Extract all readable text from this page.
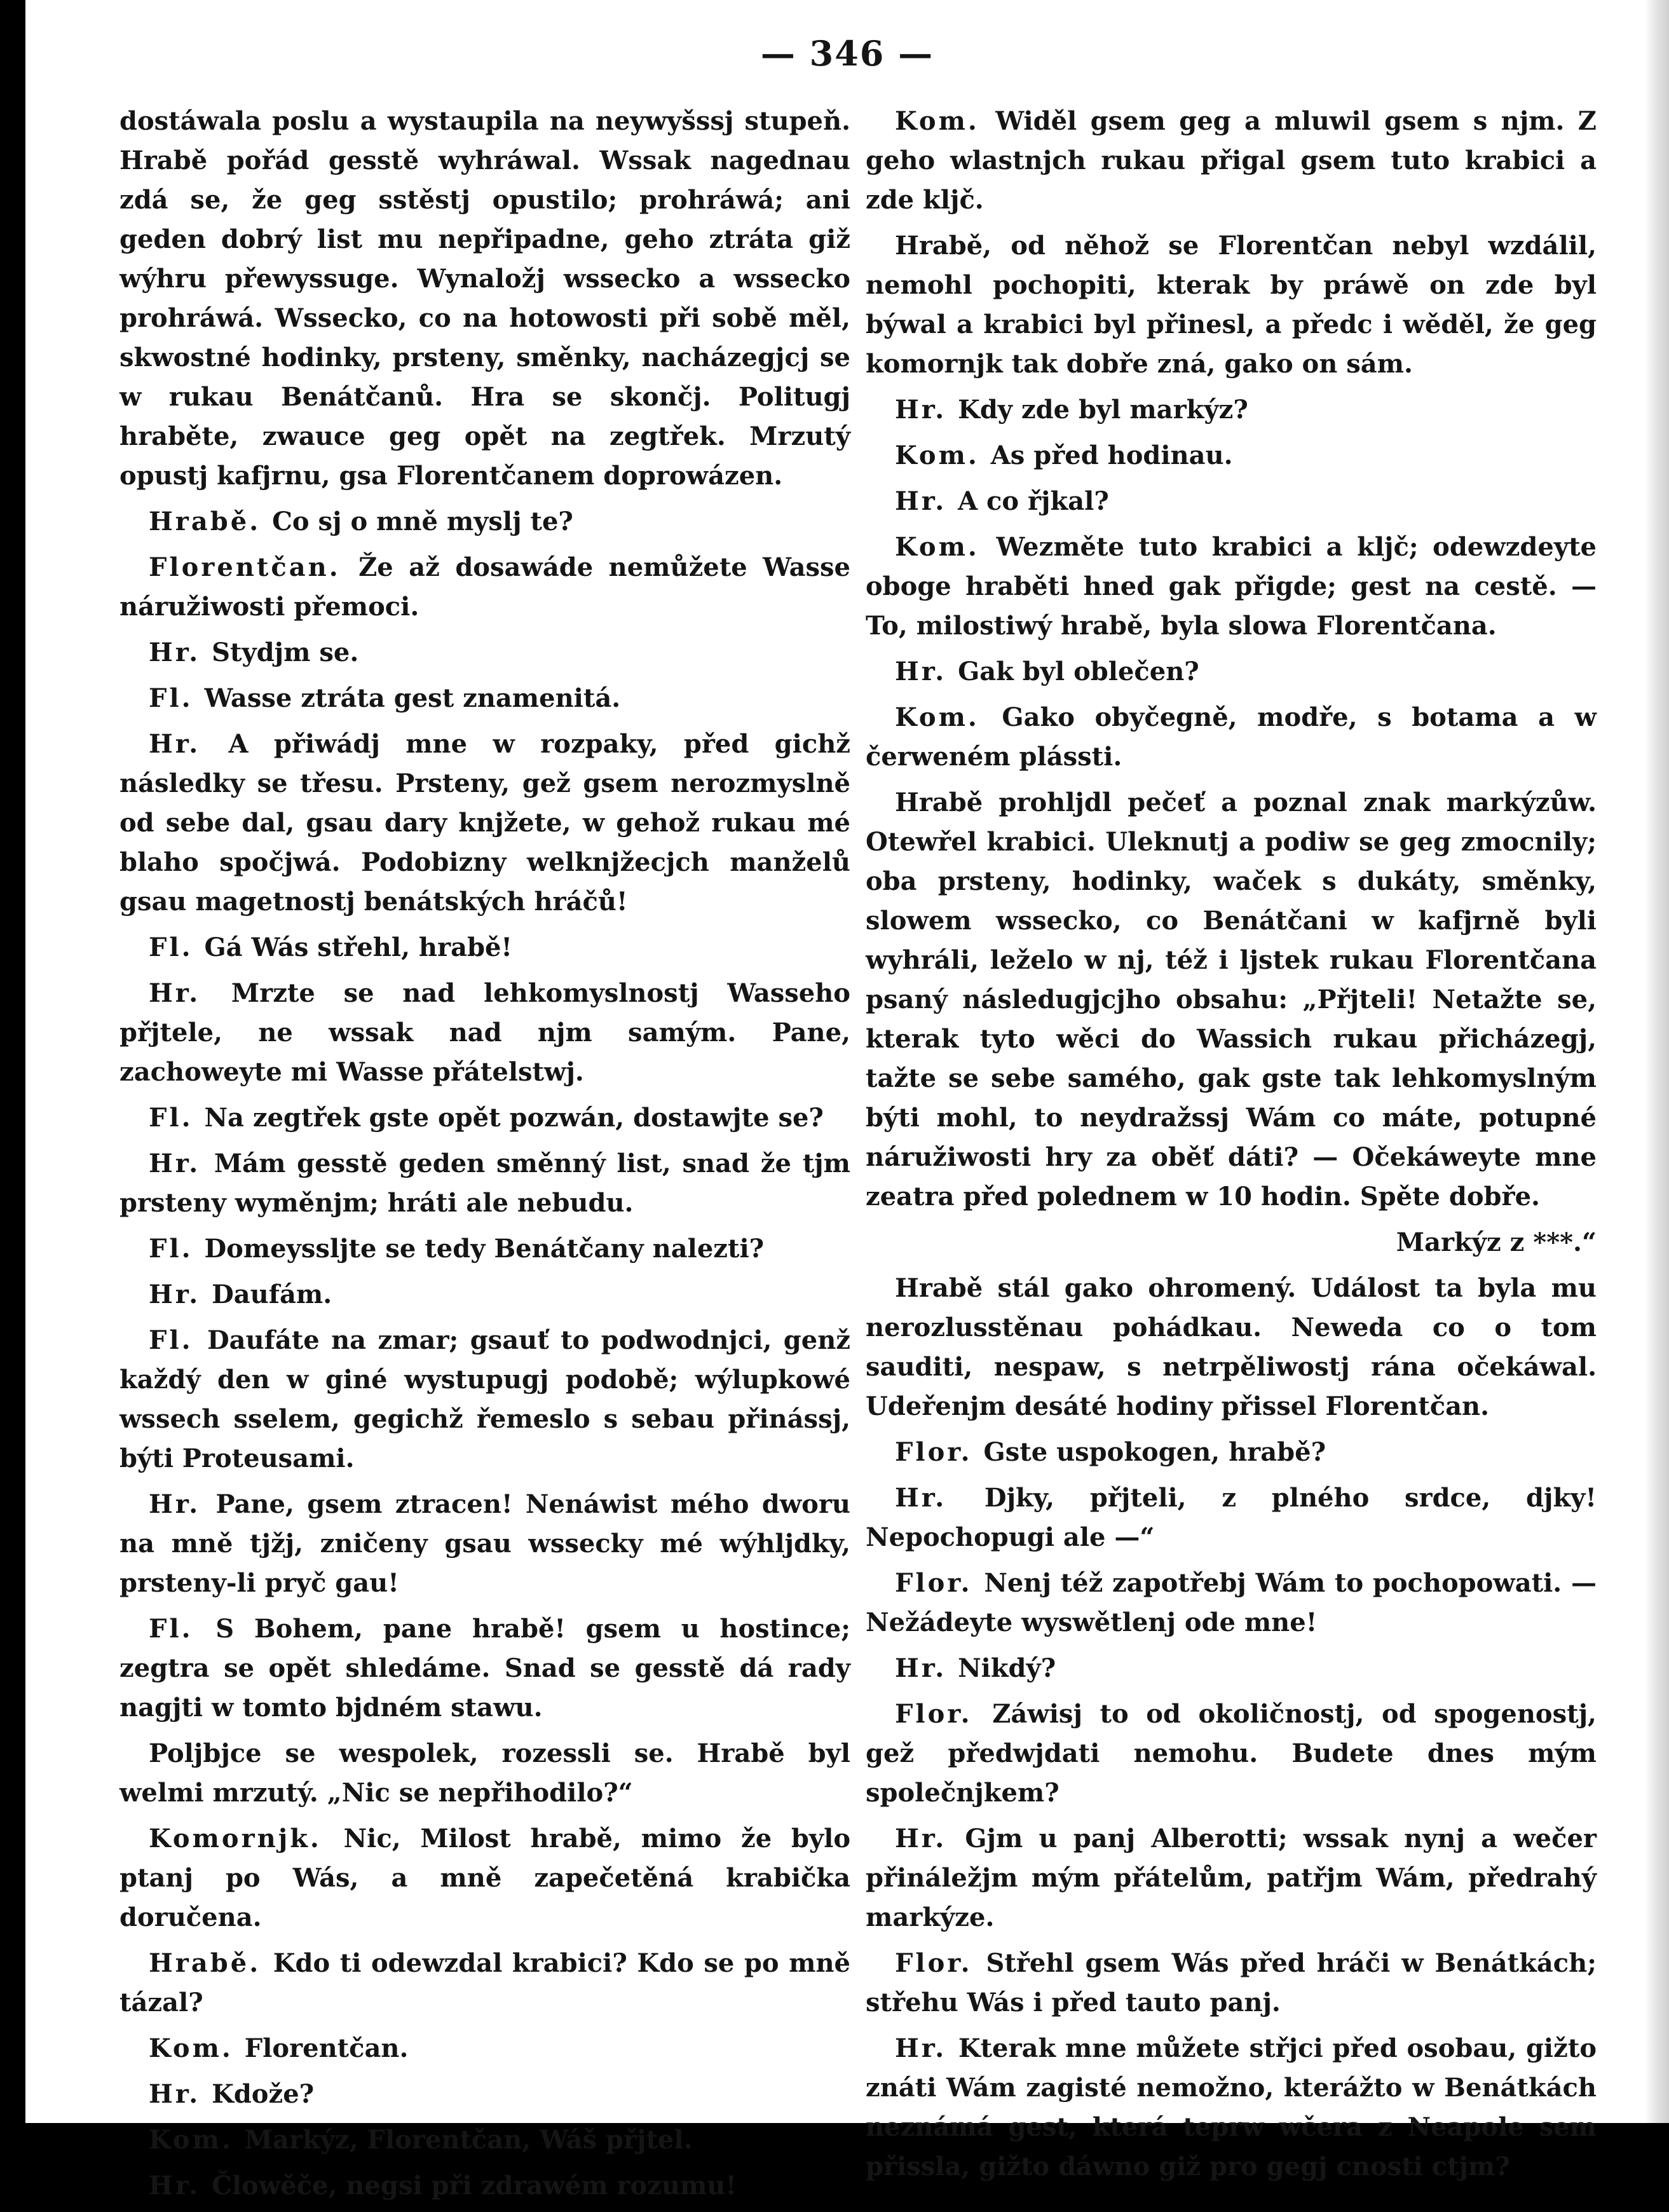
— 346 —

dostáwala poslu a wystaupila na neywyšssj stupeň. Hrabě pořád gesstě wyhráwal. Wssak nagednau zdá se, že geg sstěstj opustilo; prohráwá; ani geden dobrý list mu nepřipadne, geho ztráta giž wýhru přewyssuge. Wynaložj wssecko a wssecko prohráwá. Wssecko, co na hotowosti při sobě měl, skwostné hodinky, prsteny, směnky, nacházegjcj se w rukau Benátčanů. Hra se skončj. Politugj hraběte, zwauce geg opět na zegtřek. Mrzutý opustj kafjrnu, gsa Florentčanem doprowázen.

Hrabě. Co sj o mně myslj te?

Florentčan. Že až dosawáde nemůžete Wasse náružiwosti přemoci.

Hr. Stydjm se.

Fl. Wasse ztráta gest znamenitá.

Hr. A přiwádj mne w rozpaky, před gichž následky se třesu. Prsteny, gež gsem nerozmyslně od sebe dal, gsau dary knjžete, w gehož rukau mé blaho spočjwá. Podobizny welknjžecjch manželů gsau magetnostj benátských hráčů!

Fl. Gá Wás střehl, hrabě!

Hr. Mrzte se nad lehkomyslnostj Wasseho přjtele, ne wssak nad njm samým. Pane, zachoweyte mi Wasse přátelstwj.

Fl. Na zegtřek gste opět pozwán, dostawjte se?

Hr. Mám gesstě geden směnný list, snad že tjm prsteny wyměnjm; hráti ale nebudu.

Fl. Domeyssljte se tedy Benátčany nalezti?

Hr. Daufám.

Fl. Daufáte na zmar; gsauť to podwodnjci, genž každý den w giné wystupugj podobě; wýlupkowé wssech sselem, gegichž řemeslo s sebau přinássj, býti Proteusami.

Hr. Pane, gsem ztracen! Nenáwist mého dworu na mně tjžj, zničeny gsau wssecky mé wýhlјdky, prsteny-li pryč gau!

Fl. S Bohem, pane hrabě! gsem u hostince; zegtra se opět shledáme. Snad se gesstě dá rady nagjti w tomto bjdném stawu.

Poljbjce se wespolek, rozessli se. Hrabě byl welmi mrzutý. „Nic se nepřihodilo?“

Komornjk. Nic, Milost hrabě, mimo že bylo ptanj po Wás, a mně zapečetěná krabička doručena.

Hrabě. Kdo ti odewzdal krabici? Kdo se po mně tázal?

Kom. Florentčan.

Hr. Kdože?

Kom. Markýz, Florentčan, Wáš přjtel.

Hr. Člowěče, negsi při zdrawém rozumu!

Kom. Widěl gsem geg a mluwil gsem s njm. Z geho wlastnjch rukau přigal gsem tuto krabici a zde klјč.

Hrabě, od něhož se Florentčan nebyl wzdálil, nemohl pochopiti, kterak by práwě on zde byl býwal a krabici byl přinesl, a předc i wěděl, že geg komornjk tak dobře zná, gako on sám.

Hr. Kdy zde byl markýz?

Kom. As před hodinau.

Hr. A co řjkal?

Kom. Wezměte tuto krabici a klјč; odewzdeyte oboge hraběti hned gak přigde; gest na cestě. — To, milostiwý hrabě, byla slowa Florentčana.

Hr. Gak byl oblečen?

Kom. Gako obyčegně, modře, s botama a w čerweném plássti.

Hrabě prohljdl pečeť a poznal znak markýzůw. Otewřel krabici. Uleknutj a podiw se geg zmocnily; oba prsteny, hodinky, waček s dukáty, směnky, slowem wssecko, co Benátčani w kafjrně byli wyhráli, leželo w nj, též i ljstek rukau Florentčana psaný následugjcjho obsahu: „Přjteli! Netažte se, kterak tyto wěci do Wassich rukau přicházegj, tažte se sebe samého, gak gste tak lehkomyslným býti mohl, to neydražssj Wám co máte, potupné náružiwosti hry za oběť dáti? — Očekáweyte mne zeatra před polednem w 10 hodin. Spěte dobře.

Markýz z ***.“

Hrabě stál gako ohromený. Událost ta byla mu nerozlusstěnau pohádkau. Neweda co o tom sauditi, nespaw, s netrpělіwostj rána očekáwal. Udeřenjm desáté hodiny přissel Florentčan.

Flor. Gste uspokogen, hrabě?

Hr. Djky, přjteli, z plného srdce, djky! Nepochopugi ale —“

Flor. Nenj též zapotřebj Wám to pochopowati. — Nežádeyte wyswětlenj ode mne!

Hr. Nikdý?

Flor. Záwisj to od okolіčnostj, od spogenostj, gež předwjdati nemohu. Budete dnes mým společnjkem?

Hr. Gjm u panj Alberotti; wssak nynj a wečer přináležjm mým přátelům, patřjm Wám, předrahý markýze.

Flor. Střehl gsem Wás před hráči w Benátkách; střehu Wás i před tauto panj.

Hr. Kterak mne můžete střjci před osobau, gižto znáti Wám zagisté nemožno, kterážto w Benátkách neznámá gest, která teprw wčera z Neapole sem přissla, gižto dáwno giž pro gegj cnosti ctjm?
